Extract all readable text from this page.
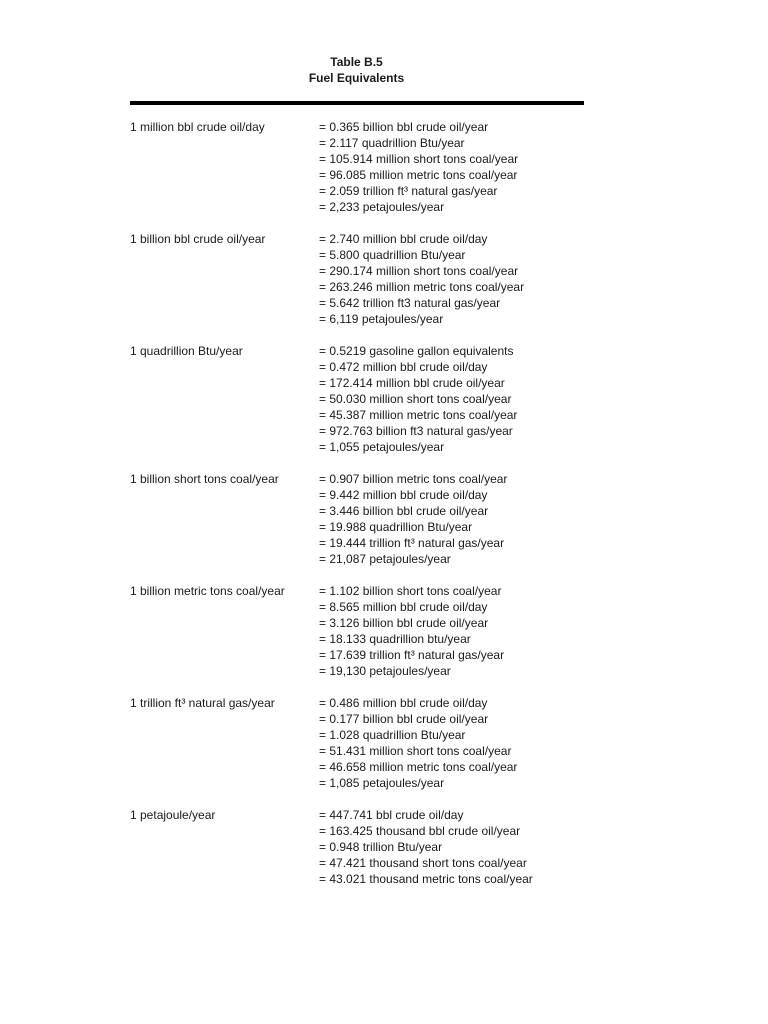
Table B.5
Fuel Equivalents
1 million bbl crude oil/day	= 0.365 billion bbl crude oil/year
= 2.117 quadrillion Btu/year
= 105.914 million short tons coal/year
= 96.085 million metric tons coal/year
= 2.059 trillion ft³ natural gas/year
= 2,233 petajoules/year
1 billion bbl crude oil/year	= 2.740 million bbl crude oil/day
= 5.800 quadrillion Btu/year
= 290.174 million short tons coal/year
= 263.246 million metric tons coal/year
= 5.642 trillion ft3 natural gas/year
= 6,119 petajoules/year
1 quadrillion Btu/year	= 0.5219 gasoline gallon equivalents
= 0.472 million bbl crude oil/day
= 172.414 million bbl crude oil/year
= 50.030 million short tons coal/year
= 45.387 million metric tons coal/year
= 972.763 billion ft3 natural gas/year
= 1,055 petajoules/year
1 billion short tons coal/year	= 0.907 billion metric tons coal/year
= 9.442 million bbl crude oil/day
= 3.446 billion bbl crude oil/year
= 19.988 quadrillion Btu/year
= 19.444 trillion ft³ natural gas/year
= 21,087 petajoules/year
1 billion metric tons coal/year	= 1.102 billion short tons coal/year
= 8.565 million bbl crude oil/day
= 3.126 billion bbl crude oil/year
= 18.133 quadrillion btu/year
= 17.639 trillion ft³ natural gas/year
= 19,130 petajoules/year
1 trillion ft³ natural gas/year	= 0.486 million bbl crude oil/day
= 0.177 billion bbl crude oil/year
= 1.028 quadrillion Btu/year
= 51.431 million short tons coal/year
= 46.658 million metric tons coal/year
= 1,085 petajoules/year
1 petajoule/year	= 447.741 bbl crude oil/day
= 163.425 thousand bbl crude oil/year
= 0.948 trillion Btu/year
= 47.421 thousand short tons coal/year
= 43.021 thousand metric tons coal/year
